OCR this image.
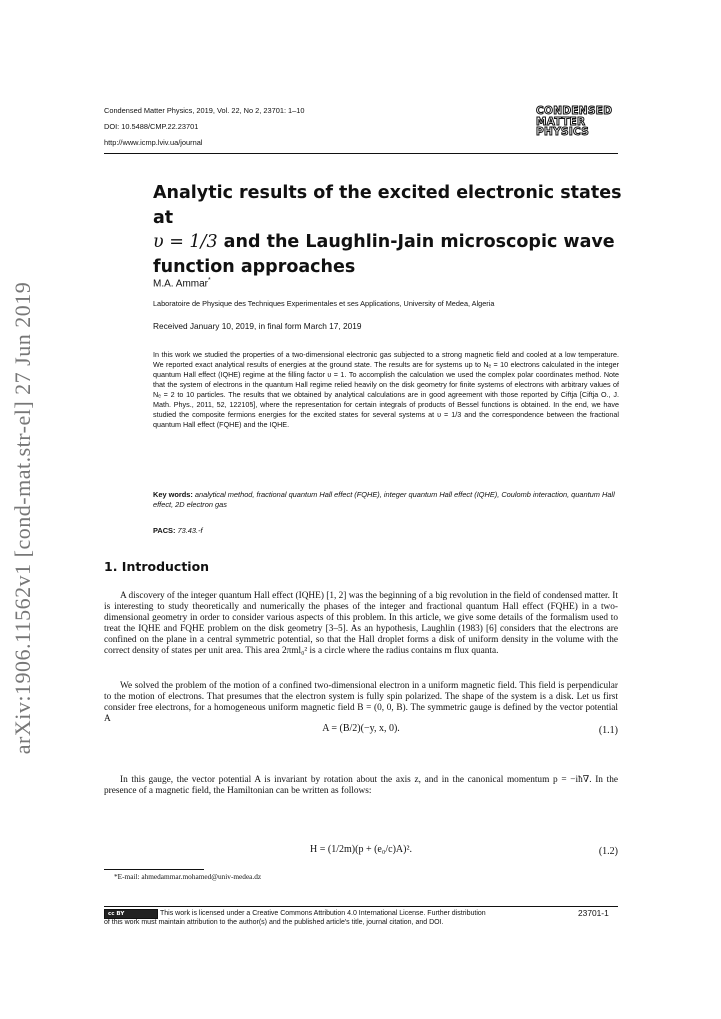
arXiv:1906.11562v1 [cond-mat.str-el] 27 Jun 2019
Condensed Matter Physics, 2019, Vol. 22, No 2, 23701: 1–10
DOI: 10.5488/CMP.22.23701
http://www.icmp.lviv.ua/journal
CONDENSED
MATTER
PHYSICS
Analytic results of the excited electronic states at
υ = 1/3 and the Laughlin-Jain microscopic wave
function approaches
M.A. Ammar*
Laboratoire de Physique des Techniques Experimentales et ses Applications, University of Medea, Algeria
Received January 10, 2019, in final form March 17, 2019
In this work we studied the properties of a two-dimensional electronic gas subjected to a strong magnetic field and cooled at a low temperature. We reported exact analytical results of energies at the ground state. The results are for systems up to Nₑ = 10 electrons calculated in the integer quantum Hall effect (IQHE) regime at the filling factor υ = 1. To accomplish the calculation we used the complex polar coordinates method. Note that the system of electrons in the quantum Hall regime relied heavily on the disk geometry for finite systems of electrons with arbitrary values of Nₑ = 2 to 10 particles. The results that we obtained by analytical calculations are in good agreement with those reported by Ciftja [Ciftja O., J. Math. Phys., 2011, 52, 122105], where the representation for certain integrals of products of Bessel functions is obtained. In the end, we have studied the composite fermions energies for the excited states for several systems at υ = 1/3 and the correspondence between the fractional quantum Hall effect (FQHE) and the IQHE.
Key words: analytical method, fractional quantum Hall effect (FQHE), integer quantum Hall effect (IQHE), Coulomb interaction, quantum Hall effect, 2D electron gas
PACS: 73.43.-f
1. Introduction

A discovery of the integer quantum Hall effect (IQHE) [1, 2] was the beginning of a big revolution in the field of condensed matter. It is interesting to study theoretically and numerically the phases of the integer and fractional quantum Hall effect (FQHE) in a two-dimensional geometry in order to consider various aspects of this problem. In this article, we give some details of the formalism used to treat the IQHE and FQHE problem on the disk geometry [3–5]. As an hypothesis, Laughlin (1983) [6] considers that the electrons are confined on the plane in a central symmetric potential, so that the Hall droplet forms a disk of uniform density in the volume with the correct density of states per unit area. This area 2πml₀² is a circle where the radius contains m flux quanta.

We solved the problem of the motion of a confined two-dimensional electron in a uniform magnetic field. This field is perpendicular to the motion of electrons. That presumes that the electron system is fully spin polarized. The shape of the system is a disk. Let us first consider free electrons, for a homogeneous uniform magnetic field B = (0, 0, B). The symmetric gauge is defined by the vector potential A

A = (B/2)(−y, x, 0).	(1.1)

In this gauge, the vector potential A is invariant by rotation about the axis z, and in the canonical momentum p = −iħ∇. In the presence of a magnetic field, the Hamiltonian can be written as follows:

H = (1/2m)(p + (e₀/c)A)².	(1.2)
*E-mail: ahmedammar.mohamed@univ-medea.dz
cc BY	This work is licensed under a Creative Commons Attribution 4.0 International License. Further distribution
of this work must maintain attribution to the author(s) and the published article's title, journal citation, and DOI.
23701-1
